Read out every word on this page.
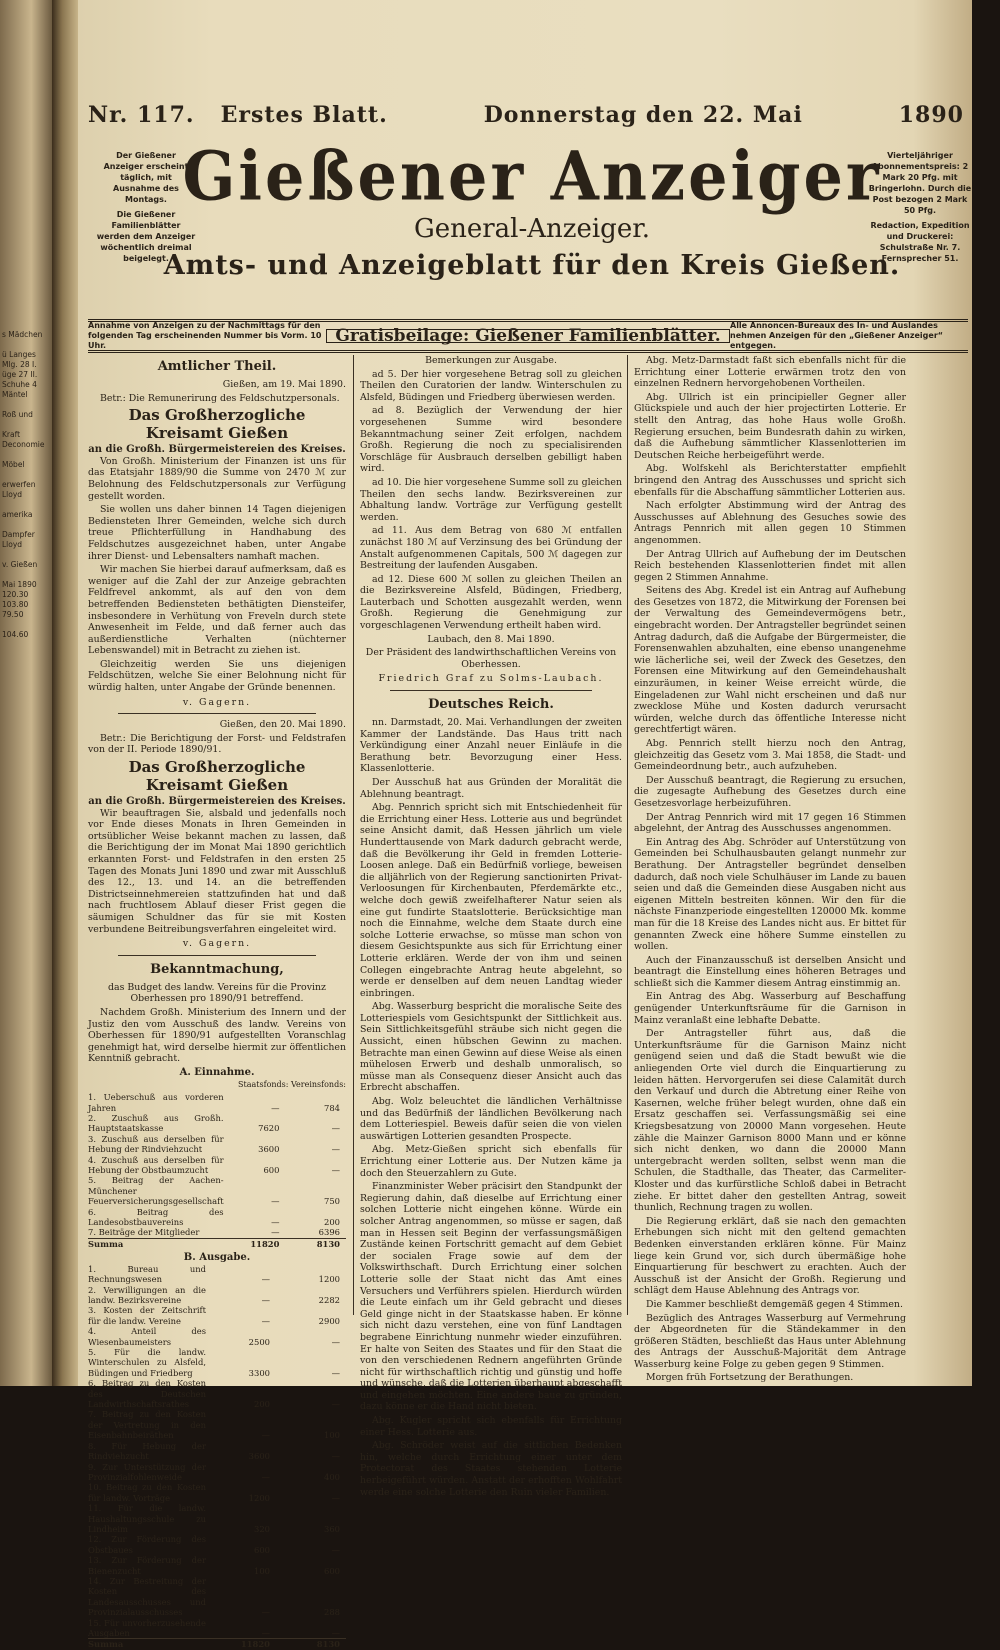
s Mädchen

ü Langes
Mlg. 28 I.
üge 27 II.
Schuhe 4
Mäntel

Roß und

Kraft
Deconomie

Möbel

erwerfen
Lloyd

amerika

Dampfer
Lloyd

v. Gießen

Mai 1890
120.30
103.80
79.50

104.60
Nr. 117. Erstes Blatt.	Donnerstag den 22. Mai	1890

Der Gießener Anzeiger erscheint täglich, mit Ausnahme des Montags.

Die Gießener Familienblätter werden dem Anzeiger wöchentlich dreimal beigelegt.

Vierteljähriger Abonnementspreis: 2 Mark 20 Pfg. mit Bringerlohn. Durch die Post bezogen 2 Mark 50 Pfg.

Redaction, Expedition und Druckerei: Schulstraße Nr. 7. Fernsprecher 51.

Gießener Anzeiger
General-Anzeiger.
Amts- und Anzeigeblatt für den Kreis Gießen.
Annahme von Anzeigen zu der Nachmittags für den folgenden Tag erscheinenden Nummer bis Vorm. 10 Uhr.	Gratisbeilage: Gießener Familienblätter.
Alle Annoncen-Bureaux des In- und Auslandes nehmen Anzeigen für den „Gießener Anzeiger“ entgegen.
Amtlicher Theil.

Gießen, am 19. Mai 1890.

Betr.: Die Remunerirung des Feldschutzpersonals.

Das Großherzogliche Kreisamt Gießen
an die Großh. Bürgermeistereien des Kreises.

Von Großh. Ministerium der Finanzen ist uns für das Etatsjahr 1889/90 die Summe von 2470 ℳ zur Belohnung des Feldschutzpersonals zur Verfügung gestellt worden.

Sie wollen uns daher binnen 14 Tagen diejenigen Bediensteten Ihrer Gemeinden, welche sich durch treue Pflichterfüllung in Handhabung des Feldschutzes ausgezeichnet haben, unter Angabe ihrer Dienst- und Lebensalters namhaft machen.

Wir machen Sie hierbei darauf aufmerksam, daß es weniger auf die Zahl der zur Anzeige gebrachten Feldfrevel ankommt, als auf den von dem betreffenden Bediensteten bethätigten Diensteifer, insbesondere in Verhütung von Freveln durch stete Anwesenheit im Felde, und daß ferner auch das außerdienstliche Verhalten (nüchterner Lebenswandel) mit in Betracht zu ziehen ist.

Gleichzeitig werden Sie uns diejenigen Feldschützen, welche Sie einer Belohnung nicht für würdig halten, unter Angabe der Gründe benennen.

v. Gagern.

Gießen, den 20. Mai 1890.

Betr.: Die Berichtigung der Forst- und Feldstrafen von der II. Periode 1890/91.

Das Großherzogliche Kreisamt Gießen
an die Großh. Bürgermeistereien des Kreises.

Wir beauftragen Sie, alsbald und jedenfalls noch vor Ende dieses Monats in Ihren Gemeinden in ortsüblicher Weise bekannt machen zu lassen, daß die Berichtigung der im Monat Mai 1890 gerichtlich erkannten Forst- und Feldstrafen in den ersten 25 Tagen des Monats Juni 1890 und zwar mit Ausschluß des 12., 13. und 14. an die betreffenden Districtseinnehmereien stattzufinden hat und daß nach fruchtlosem Ablauf dieser Frist gegen die säumigen Schuldner das für sie mit Kosten verbundene Beitreibungsverfahren eingeleitet wird.

v. Gagern.
Bekanntmachung,

das Budget des landw. Vereins für die Provinz Oberhessen pro 1890/91 betreffend.

Nachdem Großh. Ministerium des Innern und der Justiz den vom Ausschuß des landw. Vereins von Oberhessen für 1890/91 aufgestellten Voranschlag genehmigt hat, wird derselbe hiermit zur öffentlichen Kenntniß gebracht.

A. Einnahme.

Staatsfonds: Vereinsfonds:

1. Ueberschuß aus vorderen Jahren	—	784
2. Zuschuß aus Großh. Hauptstaatskasse	7620	—
3. Zuschuß aus derselben für Hebung der Rindviehzucht	3600	—
4. Zuschuß aus derselben für Hebung der Obstbaumzucht	600	—
5. Beitrag der Aachen-Münchener Feuerversicherungsgesellschaft	—	750
6. Beitrag des Landesobstbauvereins	—	200
7. Beiträge der Mitglieder	—	6396
Summa	11820	8130
B. Ausgabe.
1. Bureau und Rechnungswesen	—	1200
2. Verwilligungen an die landw. Bezirksvereine	—	2282
3. Kosten der Zeitschrift für die landw. Vereine	—	2900
4. Anteil des Wiesenbaumeisters	2500	—
5. Für die landw. Winterschulen zu Alsfeld, Büdingen und Friedberg	3300	—
6. Beitrag zu den Kosten des Deutschen Landwirthschaftsrathes	200	—
7. Beitrag zu den Kosten der Vertretung in den Eisenbahnbeiräthen	—	100
8. Für Hebung der Rindviehzucht	3600	—
9. Zur Unterstützung der Provinzialfohlenweide	—	400
10. Beitrag zu den Kosten für landw. Vorträge	1200	—
11. Für die landw. Haushaltungsschule zu Lindheim	320	360
12. Zur Förderung des Obstbaues	600	—
13. Zur Förderung der Bienenzucht	100	600
14. Zur Bestreitung der Kosten des Landesausschusses und Provinzialausschusses	—	288
15. Für unvorherzusehende Ausgaben	—	—
Summa	11820	8130

Bemerkungen zur Ausgabe.

ad 5. Der hier vorgesehene Betrag soll zu gleichen Theilen den Curatorien der landw. Winterschulen zu Alsfeld, Büdingen und Friedberg überwiesen werden.

ad 8. Bezüglich der Verwendung der hier vorgesehenen Summe wird besondere Bekanntmachung seiner Zeit erfolgen, nachdem Großh. Regierung die noch zu specialisirenden Vorschläge für Ausbrauch derselben gebilligt haben wird.

ad 10. Die hier vorgesehene Summe soll zu gleichen Theilen den sechs landw. Bezirksvereinen zur Abhaltung landw. Vorträge zur Verfügung gestellt werden.

ad 11. Aus dem Betrag von 680 ℳ entfallen zunächst 180 ℳ auf Verzinsung des bei Gründung der Anstalt aufgenommenen Capitals, 500 ℳ dagegen zur Bestreitung der laufenden Ausgaben.

ad 12. Diese 600 ℳ sollen zu gleichen Theilen an die Bezirksvereine Alsfeld, Büdingen, Friedberg, Lauterbach und Schotten ausgezahlt werden, wenn Großh. Regierung die Genehmigung zur vorgeschlagenen Verwendung ertheilt haben wird.

Laubach, den 8. Mai 1890.

Der Präsident des landwirthschaftlichen Vereins von Oberhessen.

Friedrich Graf zu Solms-Laubach.
Deutsches Reich.

nn. Darmstadt, 20. Mai. Verhandlungen der zweiten Kammer der Landstände. Das Haus tritt nach Verkündigung einer Anzahl neuer Einläufe in die Berathung betr. Bevorzugung einer Hess. Klassenlotterie.

Der Ausschuß hat aus Gründen der Moralität die Ablehnung beantragt.

Abg. Pennrich spricht sich mit Entschiedenheit für die Errichtung einer Hess. Lotterie aus und begründet seine Ansicht damit, daß Hessen jährlich um viele Hunderttausende von Mark dadurch gebracht werde, daß die Bevölkerung ihr Geld in fremden Lotterie-Loosen anlege. Daß ein Bedürfniß vorliege, beweisen die alljährlich von der Regierung sanctionirten Privat-Verloosungen für Kirchenbauten, Pferdemärkte etc., welche doch gewiß zweifelhafterer Natur seien als eine gut fundirte Staatslotterie. Berücksichtige man noch die Einnahme, welche dem Staate durch eine solche Lotterie erwachse, so müsse man schon von diesem Gesichtspunkte aus sich für Errichtung einer Lotterie erklären. Werde der von ihm und seinen Collegen eingebrachte Antrag heute abgelehnt, so werde er denselben auf dem neuen Landtag wieder einbringen.

Abg. Wasserburg bespricht die moralische Seite des Lotteriespiels vom Gesichtspunkt der Sittlichkeit aus. Sein Sittlichkeitsgefühl sträube sich nicht gegen die Aussicht, einen hübschen Gewinn zu machen. Betrachte man einen Gewinn auf diese Weise als einen mühelosen Erwerb und deshalb unmoralisch, so müsse man als Consequenz dieser Ansicht auch das Erbrecht abschaffen.

Abg. Wolz beleuchtet die ländlichen Verhältnisse und das Bedürfniß der ländlichen Bevölkerung nach dem Lotteriespiel. Beweis dafür seien die von vielen auswärtigen Lotterien gesandten Prospecte.

Abg. Metz-Gießen spricht sich ebenfalls für Errichtung einer Lotterie aus. Der Nutzen käme ja doch den Steuerzahlern zu Gute.

Finanzminister Weber präcisirt den Standpunkt der Regierung dahin, daß dieselbe auf Errichtung einer solchen Lotterie nicht eingehen könne. Würde ein solcher Antrag angenommen, so müsse er sagen, daß man in Hessen seit Beginn der verfassungsmäßigen Zustände keinen Fortschritt gemacht auf dem Gebiet der socialen Frage sowie auf dem der Volkswirthschaft. Durch Errichtung einer solchen Lotterie solle der Staat nicht das Amt eines Versuchers und Verführers spielen. Hierdurch würden die Leute einfach um ihr Geld gebracht und dieses Geld ginge nicht in der Staatskasse haben. Er könne sich nicht dazu verstehen, eine von fünf Landtagen begrabene Einrichtung nunmehr wieder einzuführen. Er halte von Seiten des Staates und für den Staat die von den verschiedenen Rednern angeführten Gründe nicht für wirthschaftlich richtig und günstig und hoffe und wünsche, daß die Lotterien überhaupt abgeschafft und eingehen möchten. Eine andere baue zu gründen, dazu könne er die Hand nicht bieten.

Abg. Kugler spricht sich ebenfalls für Errichtung einer Hess. Lotterie aus.

Abg. Schröder weist auf die sittlichen Bedenken hin, welche durch Errichtung einer unter dem Protectorat des Staates stehenden Lotterie herbeigeführt würden. Anstatt der erhofften Wohlfahrt werde eine solche Lotterie den Ruin vieler Familien.

Abg. Metz-Darmstadt faßt sich ebenfalls nicht für die Errichtung einer Lotterie erwärmen trotz den von einzelnen Rednern hervorgehobenen Vortheilen.

Abg. Ullrich ist ein principieller Gegner aller Glückspiele und auch der hier projectirten Lotterie. Er stellt den Antrag, das hohe Haus wolle Großh. Regierung ersuchen, beim Bundesrath dahin zu wirken, daß die Aufhebung sämmtlicher Klassenlotterien im Deutschen Reiche herbeigeführt werde.

Abg. Wolfskehl als Berichterstatter empfiehlt bringend den Antrag des Ausschusses und spricht sich ebenfalls für die Abschaffung sämmtlicher Lotterien aus.

Nach erfolgter Abstimmung wird der Antrag des Ausschusses auf Ablehnung des Gesuches sowie des Antrags Pennrich mit allen gegen 10 Stimmen angenommen.

Der Antrag Ullrich auf Aufhebung der im Deutschen Reich bestehenden Klassenlotterien findet mit allen gegen 2 Stimmen Annahme.

Seitens des Abg. Kredel ist ein Antrag auf Aufhebung des Gesetzes von 1872, die Mitwirkung der Forensen bei der Verwaltung des Gemeindevermögens betr., eingebracht worden. Der Antragsteller begründet seinen Antrag dadurch, daß die Aufgabe der Bürgermeister, die Forensenwahlen abzuhalten, eine ebenso unangenehme wie lächerliche sei, weil der Zweck des Gesetzes, den Forensen eine Mitwirkung auf den Gemeindehaushalt einzuräumen, in keiner Weise erreicht würde, die Eingeladenen zur Wahl nicht erscheinen und daß nur zwecklose Mühe und Kosten dadurch verursacht würden, welche durch das öffentliche Interesse nicht gerechtfertigt wären.

Abg. Pennrich stellt hierzu noch den Antrag, gleichzeitig das Gesetz vom 3. Mai 1858, die Stadt- und Gemeindeordnung betr., auch aufzuheben.

Der Ausschuß beantragt, die Regierung zu ersuchen, die zugesagte Aufhebung des Gesetzes durch eine Gesetzesvorlage herbeizuführen.

Der Antrag Pennrich wird mit 17 gegen 16 Stimmen abgelehnt, der Antrag des Ausschusses angenommen.

Ein Antrag des Abg. Schröder auf Unterstützung von Gemeinden bei Schulhausbauten gelangt nunmehr zur Berathung. Der Antragsteller begründet denselben dadurch, daß noch viele Schulhäuser im Lande zu bauen seien und daß die Gemeinden diese Ausgaben nicht aus eigenen Mitteln bestreiten können. Wir den für die nächste Finanzperiode eingestellten 120000 Mk. komme man für die 18 Kreise des Landes nicht aus. Er bittet für genannten Zweck eine höhere Summe einstellen zu wollen.

Auch der Finanzausschuß ist derselben Ansicht und beantragt die Einstellung eines höheren Betrages und schließt sich die Kammer diesem Antrag einstimmig an.

Ein Antrag des Abg. Wasserburg auf Beschaffung genügender Unterkunftsräume für die Garnison in Mainz veranlaßt eine lebhafte Debatte.

Der Antragsteller führt aus, daß die Unterkunftsräume für die Garnison Mainz nicht genügend seien und daß die Stadt bewußt wie die anliegenden Orte viel durch die Einquartierung zu leiden hätten. Hervorgerufen sei diese Calamität durch den Verkauf und durch die Abtretung einer Reihe von Kasernen, welche früher belegt wurden, ohne daß ein Ersatz geschaffen sei. Verfassungsmäßig sei eine Kriegsbesatzung von 20000 Mann vorgesehen. Heute zähle die Mainzer Garnison 8000 Mann und er könne sich nicht denken, wo dann die 20000 Mann untergebracht werden sollten, selbst wenn man die Schulen, die Stadthalle, das Theater, das Carmeliter-Kloster und das kurfürstliche Schloß dabei in Betracht ziehe. Er bittet daher den gestellten Antrag, soweit thunlich, Rechnung tragen zu wollen.

Die Regierung erklärt, daß sie nach den gemachten Erhebungen sich nicht mit den geltend gemachten Bedenken einverstanden erklären könne. Für Mainz liege kein Grund vor, sich durch übermäßige hohe Einquartierung für beschwert zu erachten. Auch der Ausschuß ist der Ansicht der Großh. Regierung und schlägt dem Hause Ablehnung des Antrags vor.

Die Kammer beschließt demgemäß gegen 4 Stimmen.

Bezüglich des Antrages Wasserburg auf Vermehrung der Abgeordneten für die Ständekammer in den größeren Städten, beschließt das Haus unter Ablehnung des Antrags der Ausschuß-Majorität dem Antrage Wasserburg keine Folge zu geben gegen 9 Stimmen.

Morgen früh Fortsetzung der Berathungen.
